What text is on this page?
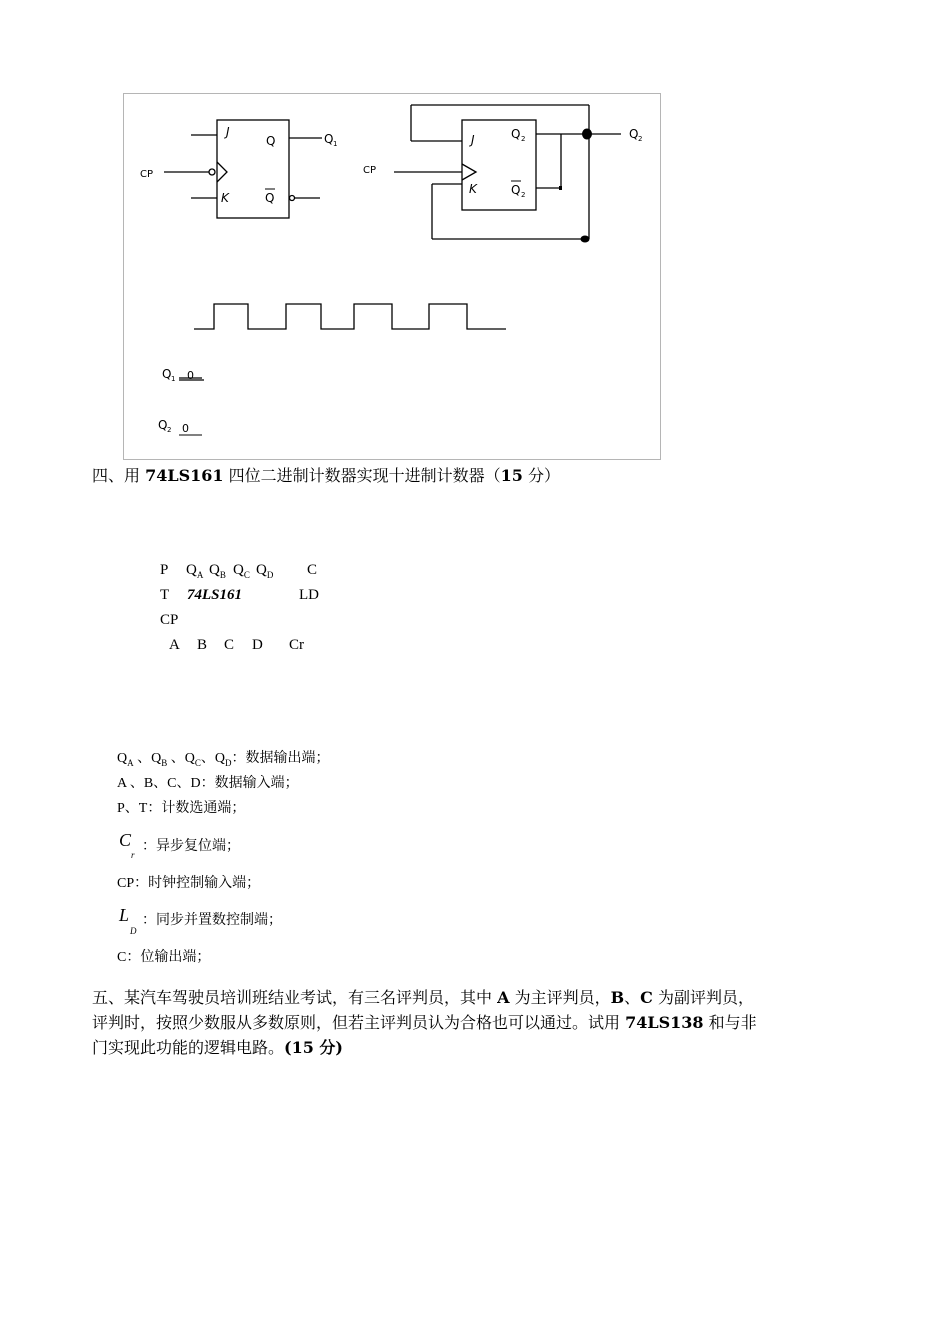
J
K
Q
Q
Q 1
CP
J
K
Q 2
Q 2
Q 2
CP
Q 1 0
Q 2 0
四、用 74LS161 四位二进制计数器实现十进制计数器（15 分）
P $Q_A$ $Q_B$ $Q_C$ $Q_D$ C
T 74LS161	LD
CP
A B C D Cr
$Q_A$ 、$Q_B$ 、$Q_C$、$Q_D$：数据输出端；
A 、B、C、D：数据输入端；
P、T：计数选通端；
C
r
：异步复位端；
CP：时钟控制输入端；
L
D
：同步并置数控制端；
C：位输出端；
五、某汽车驾驶员培训班结业考试，有三名评判员，其中 A 为主评判员，B、C 为副评判员，
评判时，按照少数服从多数原则，但若主评判员认为合格也可以通过。试用 74LS138 和与非
门实现此功能的逻辑电路。(15 分)
